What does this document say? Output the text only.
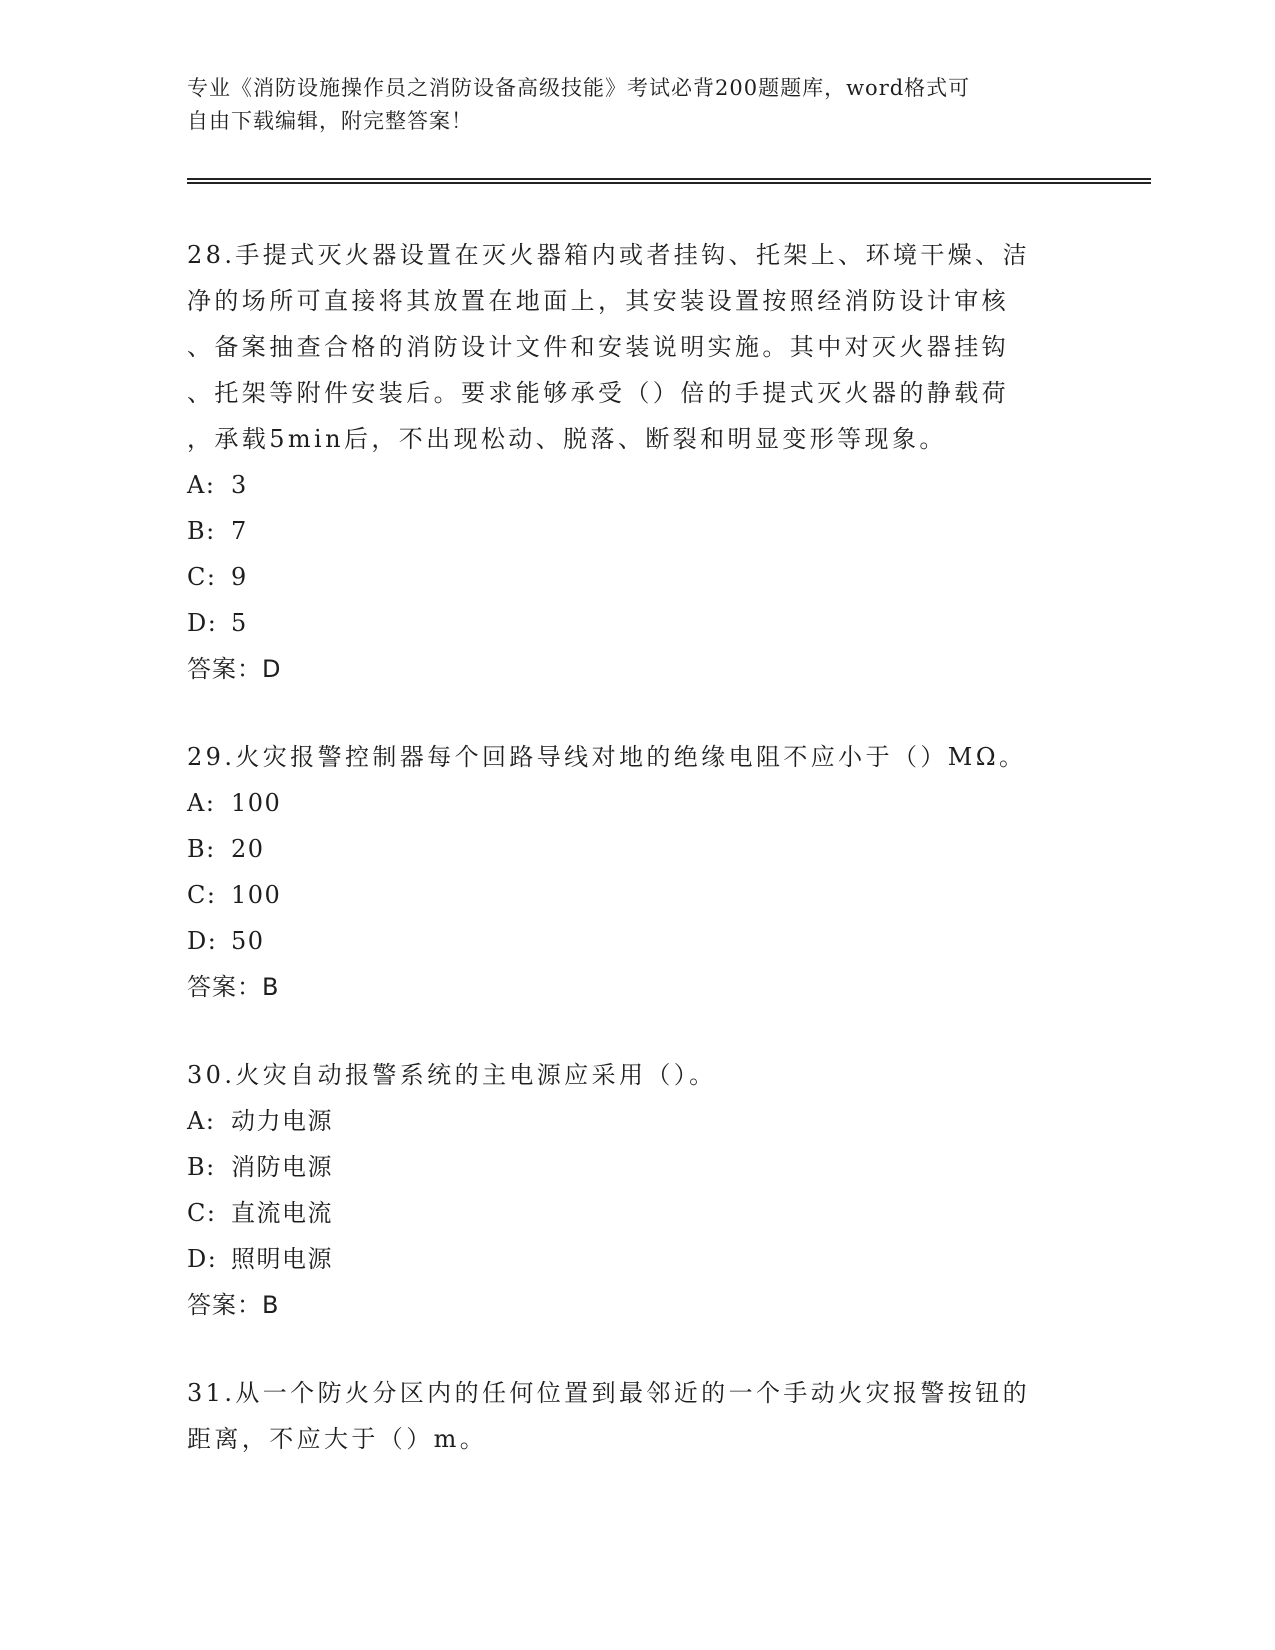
专业《消防设施操作员之消防设备高级技能》考试必背200题题库，word格式可
自由下载编辑，附完整答案！
28.手提式灭火器设置在灭火器箱内或者挂钩、托架上、环境干燥、洁
净的场所可直接将其放置在地面上，其安装设置按照经消防设计审核
、备案抽查合格的消防设计文件和安装说明实施。其中对灭火器挂钩
、托架等附件安装后。要求能够承受（）倍的手提式灭火器的静载荷
，承载5min后，不出现松动、脱落、断裂和明显变形等现象。
A: 3
B: 7
C: 9
D: 5
答案：D
29.火灾报警控制器每个回路导线对地的绝缘电阻不应小于（）MΩ。
A: 100
B: 20
C: 100
D: 50
答案：B
30.火灾自动报警系统的主电源应采用（）。
A: 动力电源
B: 消防电源
C: 直流电流
D: 照明电源
答案：B
31.从一个防火分区内的任何位置到最邻近的一个手动火灾报警按钮的
距离，不应大于（）m。
